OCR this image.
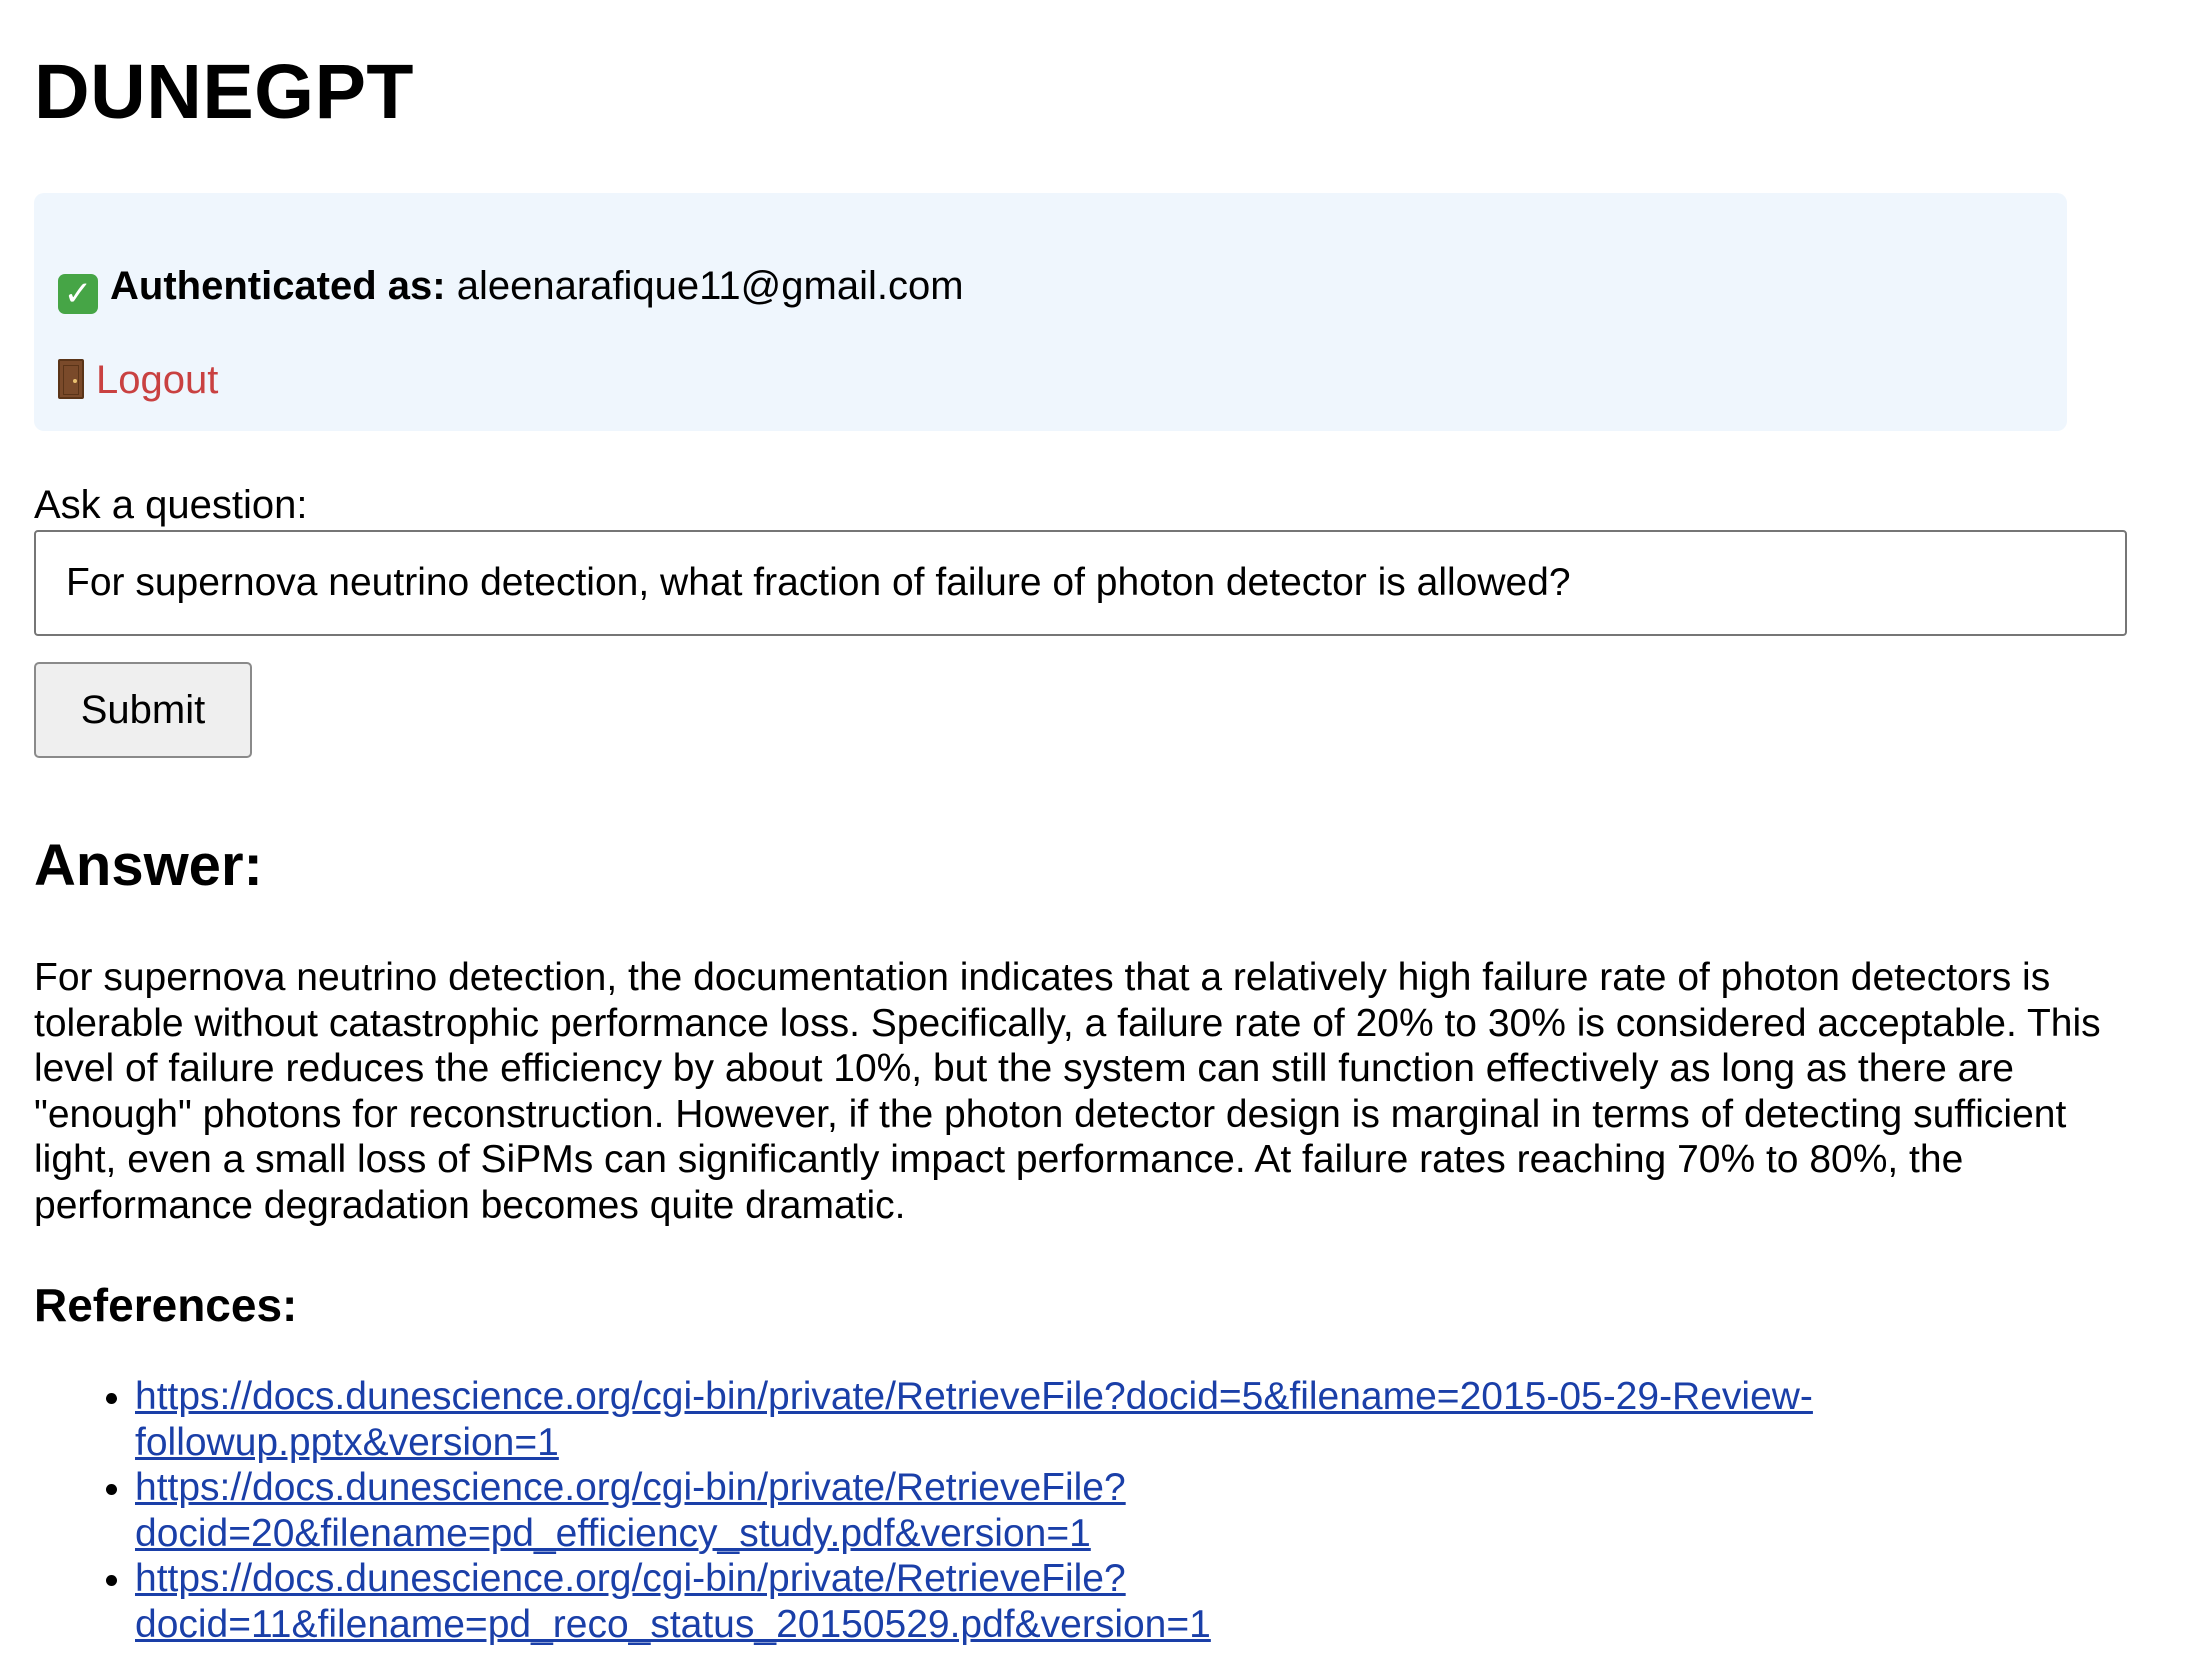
DUNEGPT
✓ Authenticated as: aleenarafique11@gmail.com
Logout
Ask a question:
For supernova neutrino detection, what fraction of failure of photon detector is allowed?
Submit
Answer:

For supernova neutrino detection, the documentation indicates that a relatively high failure rate of photon detectors is tolerable without catastrophic performance loss. Specifically, a failure rate of 20% to 30% is considered acceptable. This level of failure reduces the efficiency by about 10%, but the system can still function effectively as long as there are "enough" photons for reconstruction. However, if the photon detector design is marginal in terms of detecting sufficient light, even a small loss of SiPMs can significantly impact performance. At failure rates reaching 70% to 80%, the performance degradation becomes quite dramatic.

References:
• https://docs.dunescience.org/cgi-bin/private/RetrieveFile?docid=5&filename=2015-05-29-Review-followup.pptx&version=1
• https://docs.dunescience.org/cgi-bin/private/RetrieveFile?docid=20&filename=pd_efficiency_study.pdf&version=1
• https://docs.dunescience.org/cgi-bin/private/RetrieveFile?docid=11&filename=pd_reco_status_20150529.pdf&version=1
